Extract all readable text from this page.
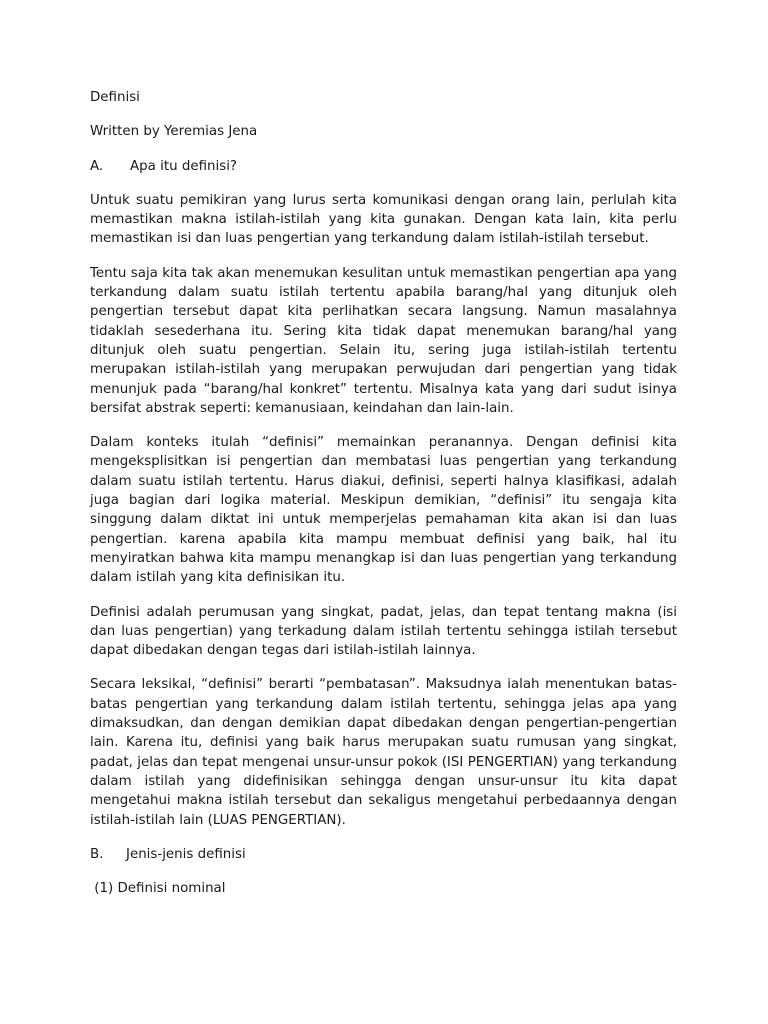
Definisi
Written by Yeremias Jena
A. Apa itu definisi?
Untuk suatu pemikiran yang lurus serta komunikasi dengan orang lain, perlulah kita memastikan makna istilah-istilah yang kita gunakan. Dengan kata lain, kita perlu memastikan isi dan luas pengertian yang terkandung dalam istilah-istilah tersebut.
Tentu saja kita tak akan menemukan kesulitan untuk memastikan pengertian apa yang terkandung dalam suatu istilah tertentu apabila barang/hal yang ditunjuk oleh pengertian tersebut dapat kita perlihatkan secara langsung. Namun masalahnya tidaklah sesederhana itu. Sering kita tidak dapat menemukan barang/hal yang ditunjuk oleh suatu pengertian. Selain itu, sering juga istilah-istilah tertentu merupakan istilah-istilah yang merupakan perwujudan dari pengertian yang tidak menunjuk pada “barang/hal konkret” tertentu. Misalnya kata yang dari sudut isinya bersifat abstrak seperti: kemanusiaan, keindahan dan lain-lain.
Dalam konteks itulah “definisi” memainkan peranannya. Dengan definisi kita mengeksplisitkan isi pengertian dan membatasi luas pengertian yang terkandung dalam suatu istilah tertentu. Harus diakui, definisi, seperti halnya klasifikasi, adalah juga bagian dari logika material. Meskipun demikian, “definisi” itu sengaja kita singgung dalam diktat ini untuk memperjelas pemahaman kita akan isi dan luas pengertian. karena apabila kita mampu membuat definisi yang baik, hal itu menyiratkan bahwa kita mampu menangkap isi dan luas pengertian yang terkandung dalam istilah yang kita definisikan itu.
Definisi adalah perumusan yang singkat, padat, jelas, dan tepat tentang makna (isi dan luas pengertian) yang terkadung dalam istilah tertentu sehingga istilah tersebut dapat dibedakan dengan tegas dari istilah-istilah lainnya.
Secara leksikal, “definisi” berarti “pembatasan”. Maksudnya ialah menentukan batas-batas pengertian yang terkandung dalam istilah tertentu, sehingga jelas apa yang dimaksudkan, dan dengan demikian dapat dibedakan dengan pengertian-pengertian lain. Karena itu, definisi yang baik harus merupakan suatu rumusan yang singkat, padat, jelas dan tepat mengenai unsur-unsur pokok (ISI PENGERTIAN) yang terkandung dalam istilah yang didefinisikan sehingga dengan unsur-unsur itu kita dapat mengetahui makna istilah tersebut dan sekaligus mengetahui perbedaannya dengan istilah-istilah lain (LUAS PENGERTIAN).
B. Jenis-jenis definisi
(1) Definisi nominal
